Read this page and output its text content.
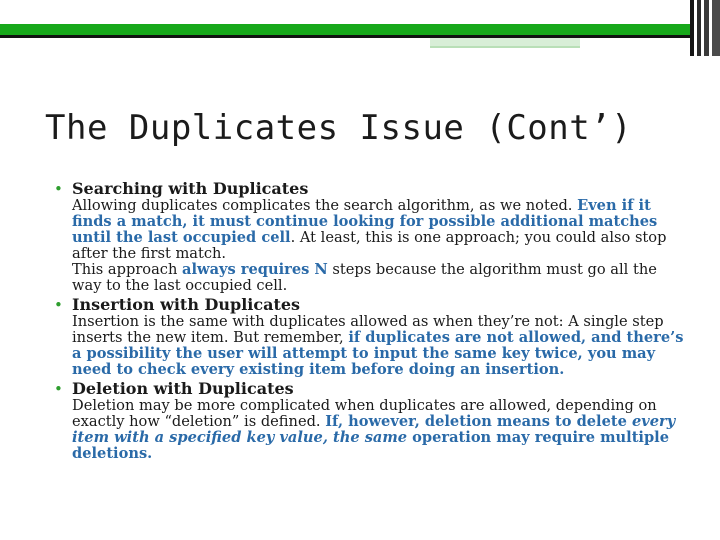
The Duplicates Issue (Cont’)
• Searching with Duplicates
Allowing duplicates complicates the search algorithm, as we noted. Even if it finds a match, it must continue looking for possible additional matches until the last occupied cell. At least, this is one approach; you could also stop after the first match.
This approach always requires N steps because the algorithm must go all the way to the last occupied cell.
• Insertion with Duplicates
Insertion is the same with duplicates allowed as when they’re not: A single step inserts the new item. But remember, if duplicates are not allowed, and there’s a possibility the user will attempt to input the same key twice, you may need to check every existing item before doing an insertion.
• Deletion with Duplicates
Deletion may be more complicated when duplicates are allowed, depending on exactly how “deletion” is defined. If, however, deletion means to delete every item with a specified key value, the same operation may require multiple deletions.
